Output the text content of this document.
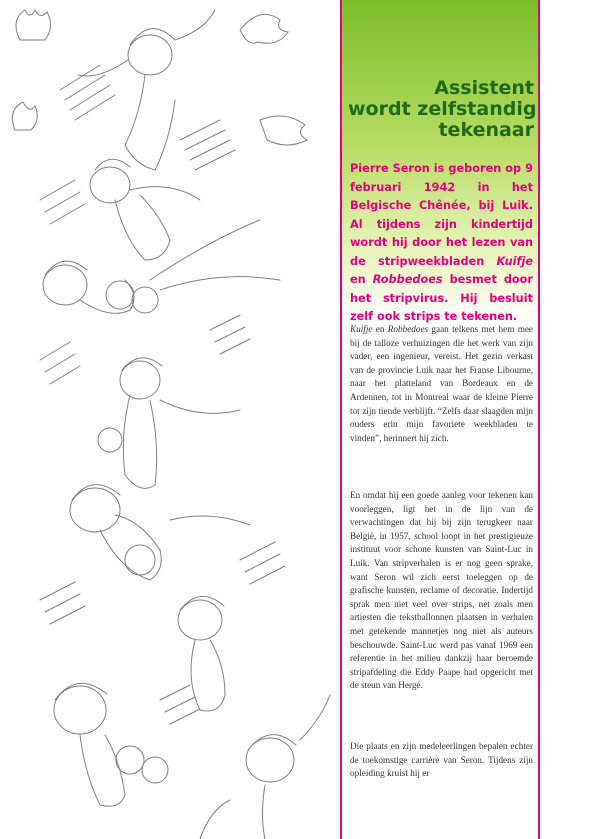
Assistent
wordt zelfstandig
tekenaar
Pierre Seron is geboren op 9 februari 1942 in het Belgische Chênée, bij Luik. Al tijdens zijn kindertijd wordt hij door het lezen van de stripweekbladen Kuifje en Robbedoes besmet door het stripvirus. Hij besluit zelf ook strips te tekenen.
Kuifje en Robbedoes gaan telkens met hem mee bij de talloze verhuizingen die het werk van zijn vader, een ingenieur, vereist. Het gezin verkast van de provincie Luik naar het Franse Libourne, naar het platteland van Bordeaux en de Ardennen, tot in Montreal waar de kleine Pierre tot zijn tiende verblijft. “Zelfs daar slaagden mijn ouders erin mijn favoriete weekbladen te vinden”, herinnert hij zich.
En omdat hij een goede aanleg voor tekenen kan voorleggen, ligt het in de lijn van de verwachtingen dat hij bij zijn terugkeer naar België, in 1957, school loopt in het prestigieuze instituut voor schone kunsten van Saint-Luc in Luik. Van stripverhalen is er nog geen sprake, want Seron wil zich eerst toeleggen op de grafische kunsten, reclame of decoratie. Indertijd sprak men niet veel over strips, net zoals men artiesten die tekstballonnen plaatsen in verhalen met getekende mannetjes nog niet als auteurs beschouwde. Saint-Luc werd pas vanaf 1969 een referentie in het milieu dankzij haar beroemde stripafdeling die Eddy Paape had opgericht met de steun van Hergé.
Die plaats en zijn medeleerlingen bepalen echter de toekomstige carrière van Seron. Tijdens zijn opleiding kruist hij er
